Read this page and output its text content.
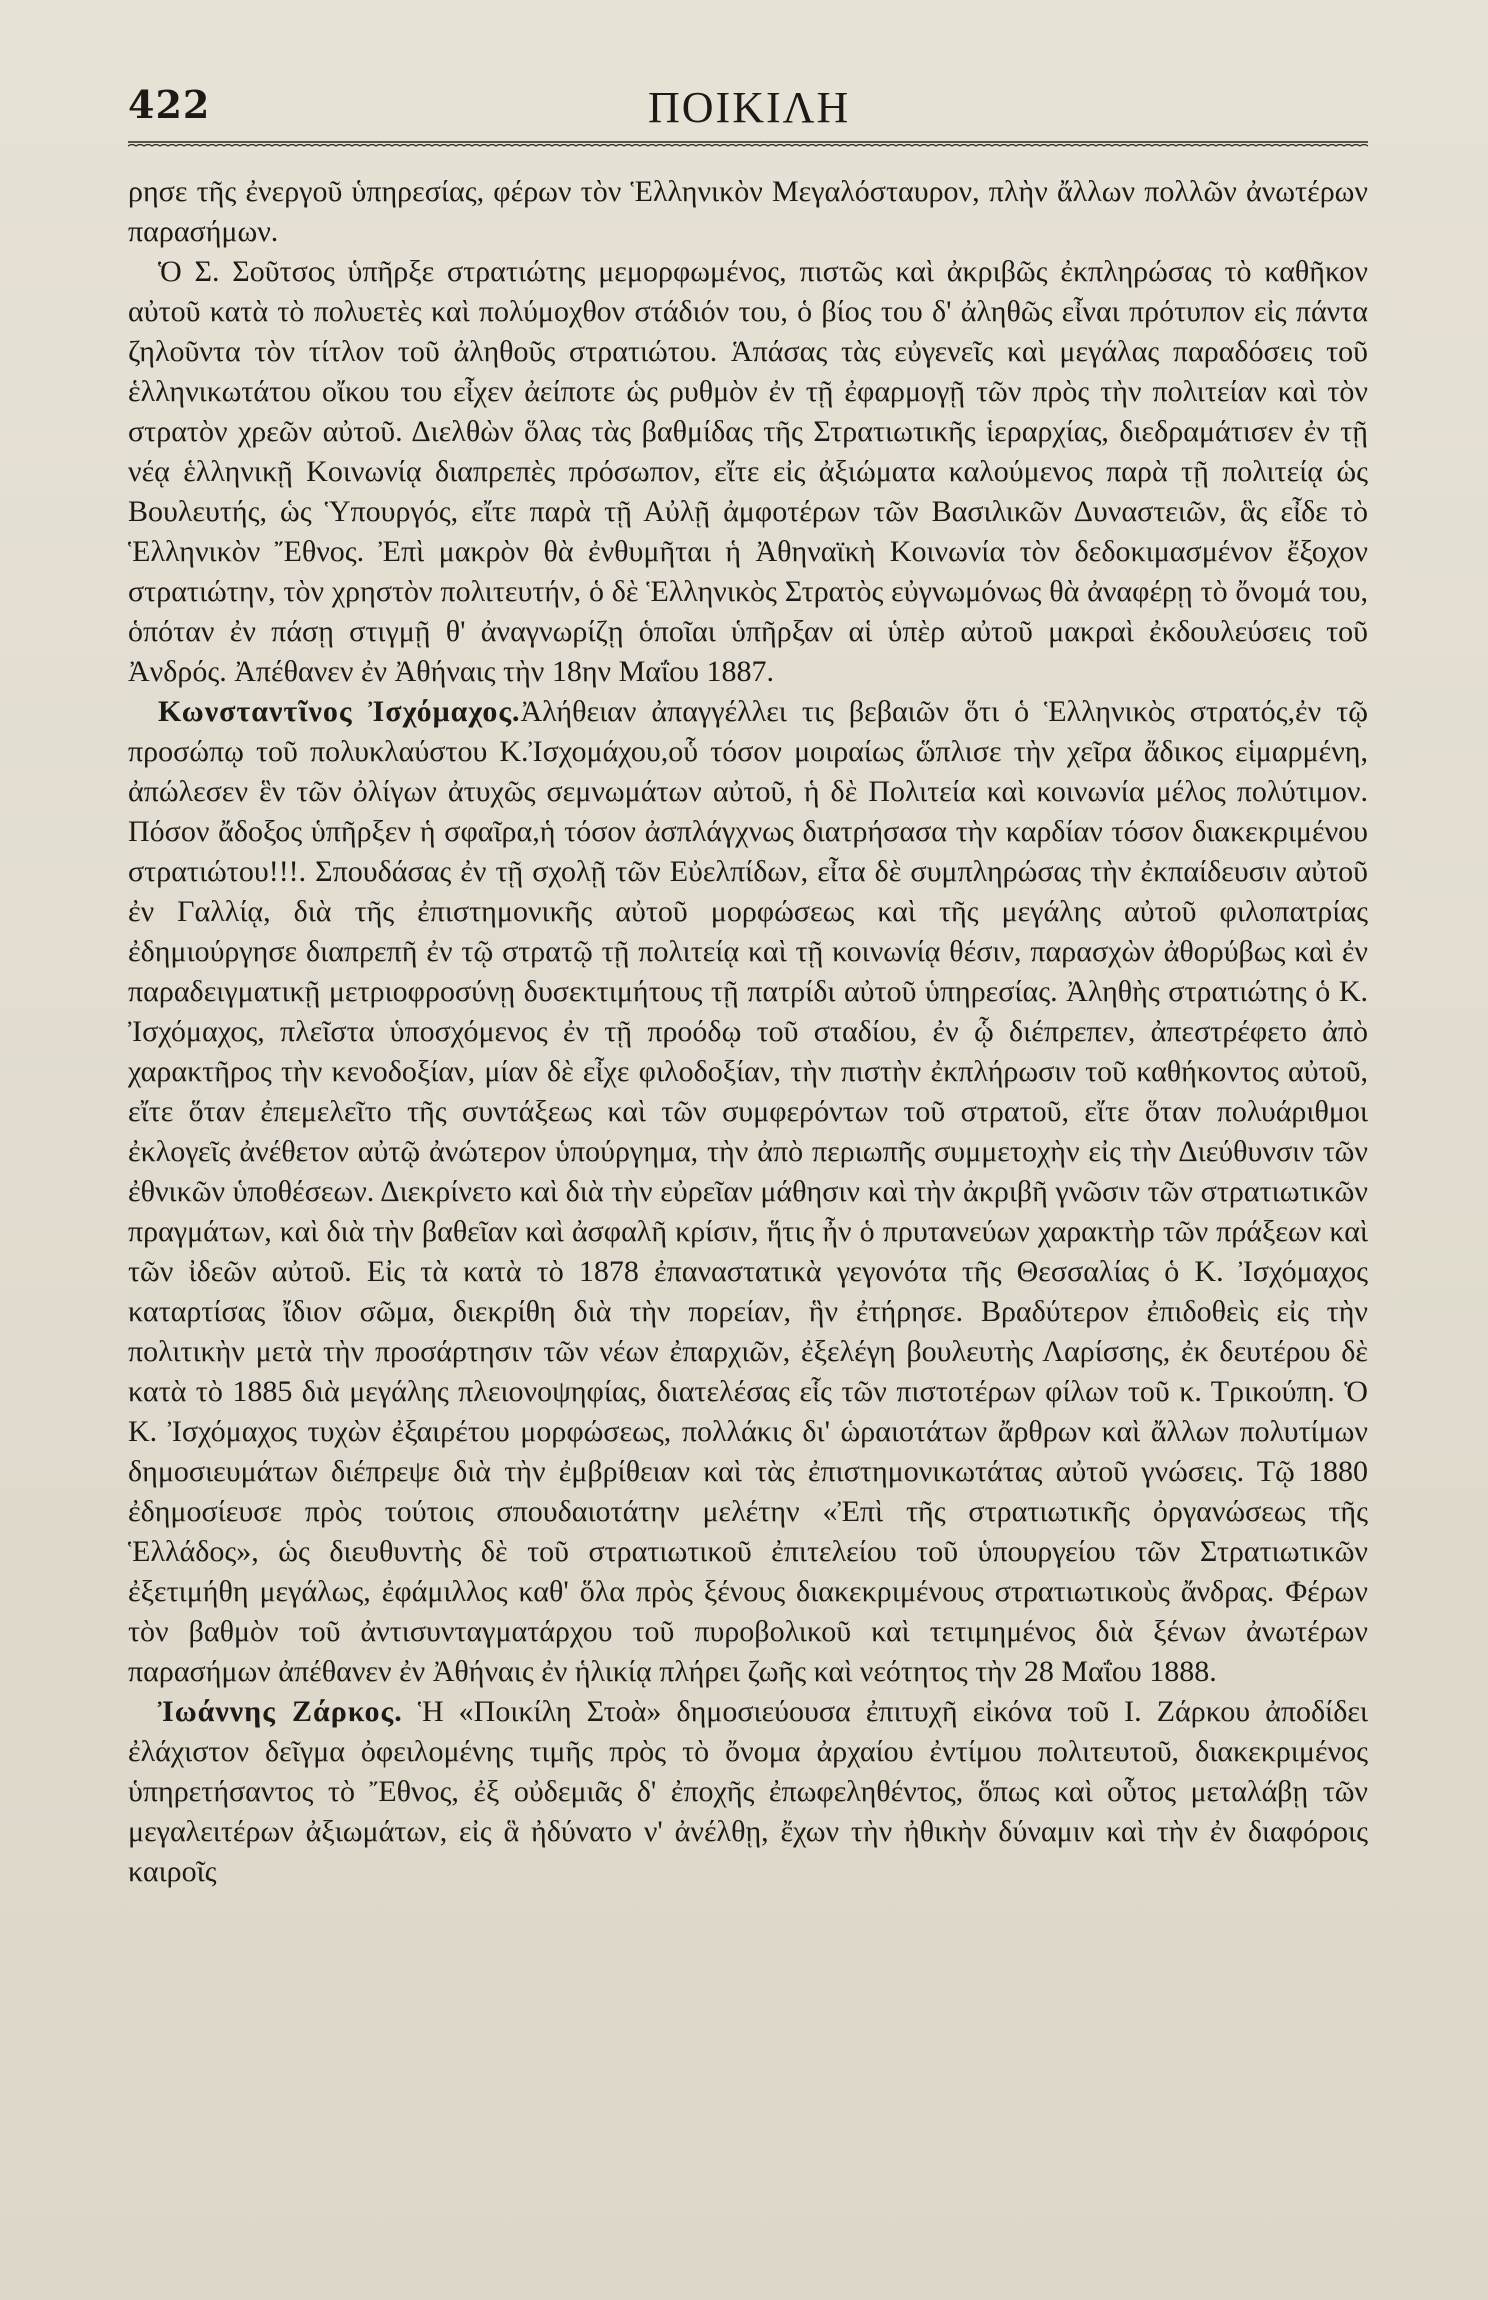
422	ΠΟΙΚΙΛΗ

ρησε τῆς ἐνεργοῦ ὑπηρεσίας, φέρων τὸν Ἑλληνικὸν Μεγαλόσταυρον, πλὴν ἄλλων πολλῶν ἀνωτέρων παρασήμων.

Ὁ Σ. Σοῦτσος ὑπῆρξε στρατιώτης μεμορφωμένος, πιστῶς καὶ ἀκριβῶς ἐκπληρώσας τὸ καθῆκον αὐτοῦ κατὰ τὸ πολυετὲς καὶ πολύμοχθον στάδιόν του, ὁ βίος του δ' ἀληθῶς εἶναι πρότυπον εἰς πάντα ζηλοῦντα τὸν τίτλον τοῦ ἀληθοῦς στρατιώτου. Ἁπάσας τὰς εὐγενεῖς καὶ μεγάλας παραδόσεις τοῦ ἑλληνικωτάτου οἴκου του εἶχεν ἀείποτε ὡς ρυθμὸν ἐν τῇ ἐφαρμογῇ τῶν πρὸς τὴν πολιτείαν καὶ τὸν στρατὸν χρεῶν αὐτοῦ. Διελθὼν ὅλας τὰς βαθμίδας τῆς Στρατιωτικῆς ἱεραρχίας, διεδραμάτισεν ἐν τῇ νέᾳ ἑλληνικῇ Κοινωνίᾳ διαπρεπὲς πρόσωπον, εἴτε εἰς ἀξιώματα καλούμενος παρὰ τῇ πολιτείᾳ ὡς Βουλευτής, ὡς Ὑπουργός, εἴτε παρὰ τῇ Αὐλῇ ἀμφοτέρων τῶν Βασιλικῶν Δυναστειῶν, ἃς εἶδε τὸ Ἑλληνικὸν Ἔθνος. Ἐπὶ μακρὸν θὰ ἐνθυμῆται ἡ Ἀθηναϊκὴ Κοινωνία τὸν δεδοκιμασμένον ἔξοχον στρατιώτην, τὸν χρηστὸν πολιτευτήν, ὁ δὲ Ἑλληνικὸς Στρατὸς εὐγνωμόνως θὰ ἀναφέρῃ τὸ ὄνομά του, ὁπόταν ἐν πάσῃ στιγμῇ θ' ἀναγνωρίζῃ ὁποῖαι ὑπῆρξαν αἱ ὑπὲρ αὐτοῦ μακραὶ ἐκδουλεύσεις τοῦ Ἀνδρός. Ἀπέθανεν ἐν Ἀθήναις τὴν 18ην Μαΐου 1887.

Κωνσταντῖνος Ἰσχόμαχος.Ἀλήθειαν ἀπαγγέλλει τις βεβαιῶν ὅτι ὁ Ἑλληνικὸς στρατός,ἐν τῷ προσώπῳ τοῦ πολυκλαύστου Κ.Ἰσχομάχου,οὗ τόσον μοιραίως ὥπλισε τὴν χεῖρα ἄδικος εἱμαρμένη, ἀπώλεσεν ἓν τῶν ὀλίγων ἀτυχῶς σεμνωμάτων αὐτοῦ, ἡ δὲ Πολιτεία καὶ κοινωνία μέλος πολύτιμον. Πόσον ἄδοξος ὑπῆρξεν ἡ σφαῖρα,ἡ τόσον ἀσπλάγχνως διατρήσασα τὴν καρδίαν τόσον διακεκριμένου στρατιώτου!!!. Σπουδάσας ἐν τῇ σχολῇ τῶν Εὐελπίδων, εἶτα δὲ συμπληρώσας τὴν ἐκπαίδευσιν αὐτοῦ ἐν Γαλλίᾳ, διὰ τῆς ἐπιστημονικῆς αὐτοῦ μορφώσεως καὶ τῆς μεγάλης αὐτοῦ φιλοπατρίας ἐδημιούργησε διαπρεπῆ ἐν τῷ στρατῷ τῇ πολιτείᾳ καὶ τῇ κοινωνίᾳ θέσιν, παρασχὼν ἀθορύβως καὶ ἐν παραδειγματικῇ μετριοφροσύνῃ δυσεκτιμήτους τῇ πατρίδι αὐτοῦ ὑπηρεσίας. Ἀληθὴς στρατιώτης ὁ Κ. Ἰσχόμαχος, πλεῖστα ὑποσχόμενος ἐν τῇ προόδῳ τοῦ σταδίου, ἐν ᾧ διέπρεπεν, ἀπεστρέφετο ἀπὸ χαρακτῆρος τὴν κενοδοξίαν, μίαν δὲ εἶχε φιλοδοξίαν, τὴν πιστὴν ἐκπλήρωσιν τοῦ καθήκοντος αὐτοῦ, εἴτε ὅταν ἐπεμελεῖτο τῆς συντάξεως καὶ τῶν συμφερόντων τοῦ στρατοῦ, εἴτε ὅταν πολυάριθμοι ἐκλογεῖς ἀνέθετον αὐτῷ ἀνώτερον ὑπούργημα, τὴν ἀπὸ περιωπῆς συμμετοχὴν εἰς τὴν Διεύθυνσιν τῶν ἐθνικῶν ὑποθέσεων. Διεκρίνετο καὶ διὰ τὴν εὐρεῖαν μάθησιν καὶ τὴν ἀκριβῆ γνῶσιν τῶν στρατιωτικῶν πραγμάτων, καὶ διὰ τὴν βαθεῖαν καὶ ἀσφαλῆ κρίσιν, ἥτις ἦν ὁ πρυτανεύων χαρακτὴρ τῶν πράξεων καὶ τῶν ἰδεῶν αὐτοῦ. Εἰς τὰ κατὰ τὸ 1878 ἐπαναστατικὰ γεγονότα τῆς Θεσσαλίας ὁ Κ. Ἰσχόμαχος καταρτίσας ἴδιον σῶμα, διεκρίθη διὰ τὴν πορείαν, ἣν ἐτήρησε. Βραδύτερον ἐπιδοθεὶς εἰς τὴν πολιτικὴν μετὰ τὴν προσάρτησιν τῶν νέων ἐπαρχιῶν, ἐξελέγη βουλευτὴς Λαρίσσης, ἐκ δευτέρου δὲ κατὰ τὸ 1885 διὰ μεγάλης πλειονοψηφίας, διατελέσας εἷς τῶν πιστοτέρων φίλων τοῦ κ. Τρικούπη. Ὁ Κ. Ἰσχόμαχος τυχὼν ἐξαιρέτου μορφώσεως, πολλάκις δι' ὡραιοτάτων ἄρθρων καὶ ἄλλων πολυτίμων δημοσιευμάτων διέπρεψε διὰ τὴν ἐμβρίθειαν καὶ τὰς ἐπιστημονικωτάτας αὐτοῦ γνώσεις. Τῷ 1880 ἐδημοσίευσε πρὸς τούτοις σπουδαιοτάτην μελέτην «Ἐπὶ τῆς στρατιωτικῆς ὀργανώσεως τῆς Ἑλλάδος», ὡς διευθυντὴς δὲ τοῦ στρατιωτικοῦ ἐπιτελείου τοῦ ὑπουργείου τῶν Στρατιωτικῶν ἐξετιμήθη μεγάλως, ἐφάμιλλος καθ' ὅλα πρὸς ξένους διακεκριμένους στρατιωτικοὺς ἄνδρας. Φέρων τὸν βαθμὸν τοῦ ἀντισυνταγματάρχου τοῦ πυροβολικοῦ καὶ τετιμημένος διὰ ξένων ἀνωτέρων παρασήμων ἀπέθανεν ἐν Ἀθήναις ἐν ἡλικίᾳ πλήρει ζωῆς καὶ νεότητος τὴν 28 Μαΐου 1888.

Ἰωάννης Ζάρκος. Ἡ «Ποικίλη Στοὰ» δημοσιεύουσα ἐπιτυχῆ εἰκόνα τοῦ Ι. Ζάρκου ἀποδίδει ἐλάχιστον δεῖγμα ὀφειλομένης τιμῆς πρὸς τὸ ὄνομα ἀρχαίου ἐντίμου πολιτευτοῦ, διακεκριμένος ὑπηρετήσαντος τὸ Ἔθνος, ἐξ οὐδεμιᾶς δ' ἐποχῆς ἐπωφεληθέντος, ὅπως καὶ οὗτος μεταλάβῃ τῶν μεγαλειτέρων ἀξιωμάτων, εἰς ἃ ἠδύνατο ν' ἀνέλθῃ, ἔχων τὴν ἠθικὴν δύναμιν καὶ τὴν ἐν διαφόροις καιροῖς
